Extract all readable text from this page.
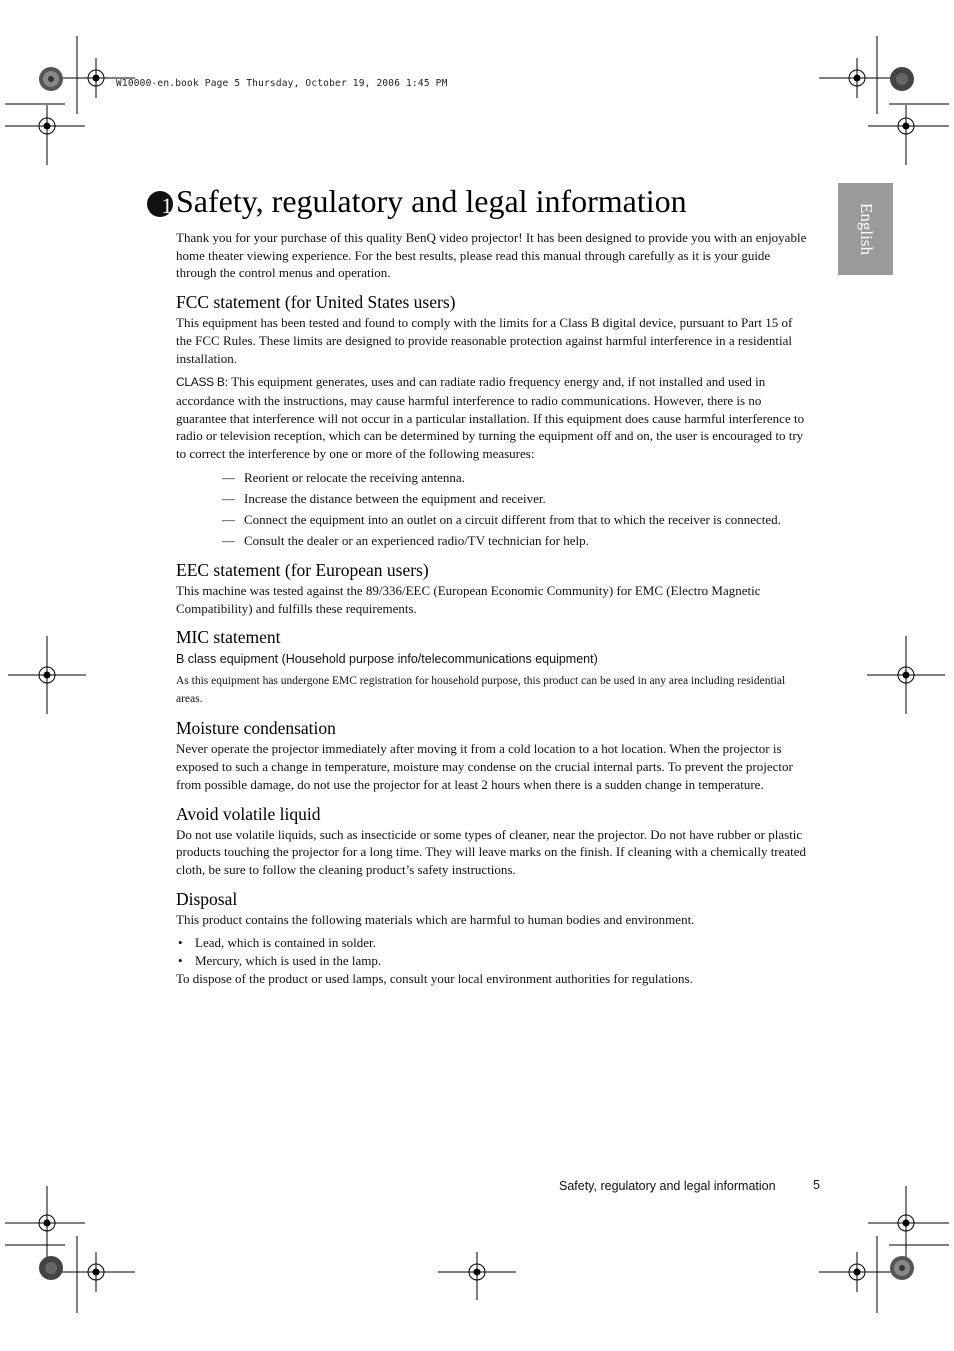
W10000-en.book Page 5 Thursday, October 19, 2006 1:45 PM
English
1 Safety, regulatory and legal information

Thank you for your purchase of this quality BenQ video projector! It has been designed to provide you with an enjoyable home theater viewing experience. For the best results, please read this manual through carefully as it is your guide through the control menus and operation.

FCC statement (for United States users)

This equipment has been tested and found to comply with the limits for a Class B digital device, pursuant to Part 15 of the FCC Rules. These limits are designed to provide reasonable protection against harmful interference in a residential installation.

CLASS B: This equipment generates, uses and can radiate radio frequency energy and, if not installed and used in accordance with the instructions, may cause harmful interference to radio communications. However, there is no guarantee that interference will not occur in a particular installation. If this equipment does cause harmful interference to radio or television reception, which can be determined by turning the equipment off and on, the user is encouraged to try to correct the interference by one or more of the following measures:

— Reorient or relocate the receiving antenna.
— Increase the distance between the equipment and receiver.
— Connect the equipment into an outlet on a circuit different from that to which the receiver is connected.
— Consult the dealer or an experienced radio/TV technician for help.
EEC statement (for European users)

This machine was tested against the 89/336/EEC (European Economic Community) for EMC (Electro Magnetic Compatibility) and fulfills these requirements.

MIC statement
B class equipment (Household purpose info/telecommunications equipment)

As this equipment has undergone EMC registration for household purpose, this product can be used in any area including residential areas.

Moisture condensation

Never operate the projector immediately after moving it from a cold location to a hot location. When the projector is exposed to such a change in temperature, moisture may condense on the crucial internal parts. To prevent the projector from possible damage, do not use the projector for at least 2 hours when there is a sudden change in temperature.

Avoid volatile liquid

Do not use volatile liquids, such as insecticide or some types of cleaner, near the projector. Do not have rubber or plastic products touching the projector for a long time. They will leave marks on the finish. If cleaning with a chemically treated cloth, be sure to follow the cleaning product’s safety instructions.

Disposal

This product contains the following materials which are harmful to human bodies and environment.

• Lead, which is contained in solder.
• Mercury, which is used in the lamp.

To dispose of the product or used lamps, consult your local environment authorities for regulations.

Safety, regulatory and legal information	5
